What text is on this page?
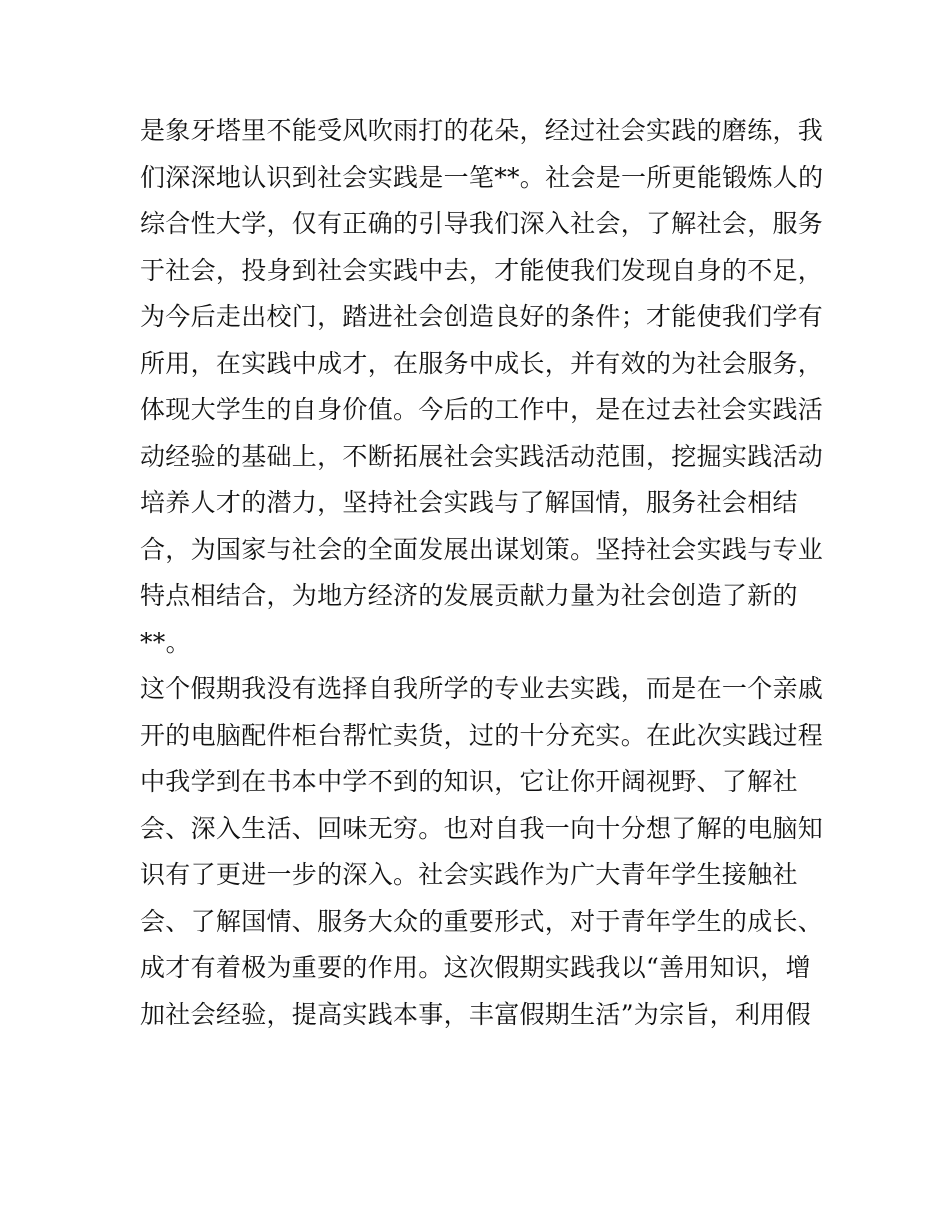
是象牙塔里不能受风吹雨打的花朵，经过社会实践的磨练，我
们深深地认识到社会实践是一笔**。社会是一所更能锻炼人的
综合性大学，仅有正确的引导我们深入社会，了解社会，服务
于社会，投身到社会实践中去，才能使我们发现自身的不足，
为今后走出校门，踏进社会创造良好的条件；才能使我们学有
所用，在实践中成才，在服务中成长，并有效的为社会服务，
体现大学生的自身价值。今后的工作中，是在过去社会实践活
动经验的基础上，不断拓展社会实践活动范围，挖掘实践活动
培养人才的潜力，坚持社会实践与了解国情，服务社会相结
合，为国家与社会的全面发展出谋划策。坚持社会实践与专业
特点相结合，为地方经济的发展贡献力量为社会创造了新的
**。
这个假期我没有选择自我所学的专业去实践，而是在一个亲戚
开的电脑配件柜台帮忙卖货，过的十分充实。在此次实践过程
中我学到在书本中学不到的知识，它让你开阔视野、了解社
会、深入生活、回味无穷。也对自我一向十分想了解的电脑知
识有了更进一步的深入。社会实践作为广大青年学生接触社
会、了解国情、服务大众的重要形式，对于青年学生的成长、
成才有着极为重要的作用。这次假期实践我以“善用知识，增
加社会经验，提高实践本事，丰富假期生活”为宗旨，利用假
